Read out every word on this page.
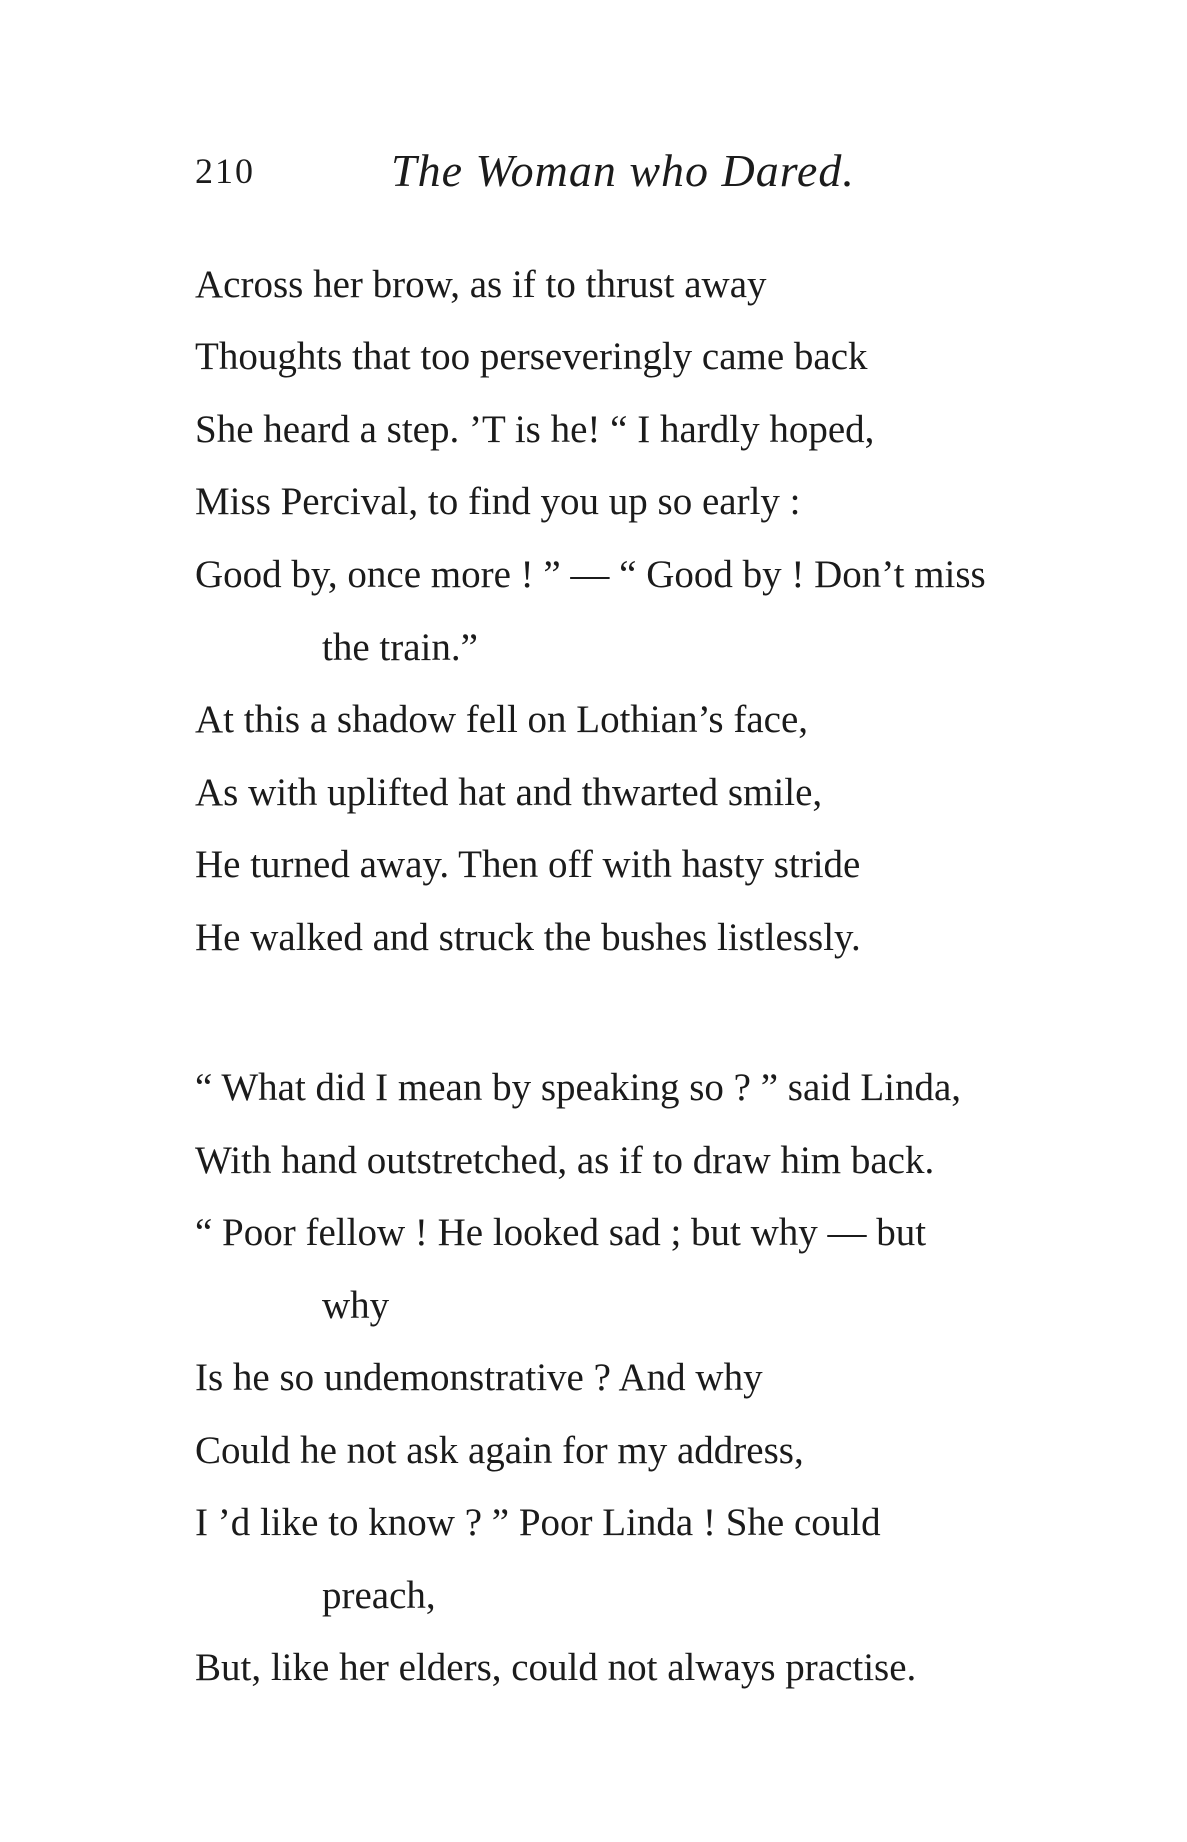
210	The Woman who Dared.
Across her brow, as if to thrust away
Thoughts that too perseveringly came back
She heard a step. ’T is he! “ I hardly hoped,
Miss Percival, to find you up so early :
Good by, once more ! ” — “ Good by ! Don’t miss
the train.”
At this a shadow fell on Lothian’s face,
As with uplifted hat and thwarted smile,
He turned away. Then off with hasty stride
He walked and struck the bushes listlessly.
“ What did I mean by speaking so ? ” said Linda,
With hand outstretched, as if to draw him back.
“ Poor fellow ! He looked sad ; but why — but
why
Is he so undemonstrative ? And why
Could he not ask again for my address,
I ’d like to know ? ” Poor Linda ! She could
preach,
But, like her elders, could not always practise.
